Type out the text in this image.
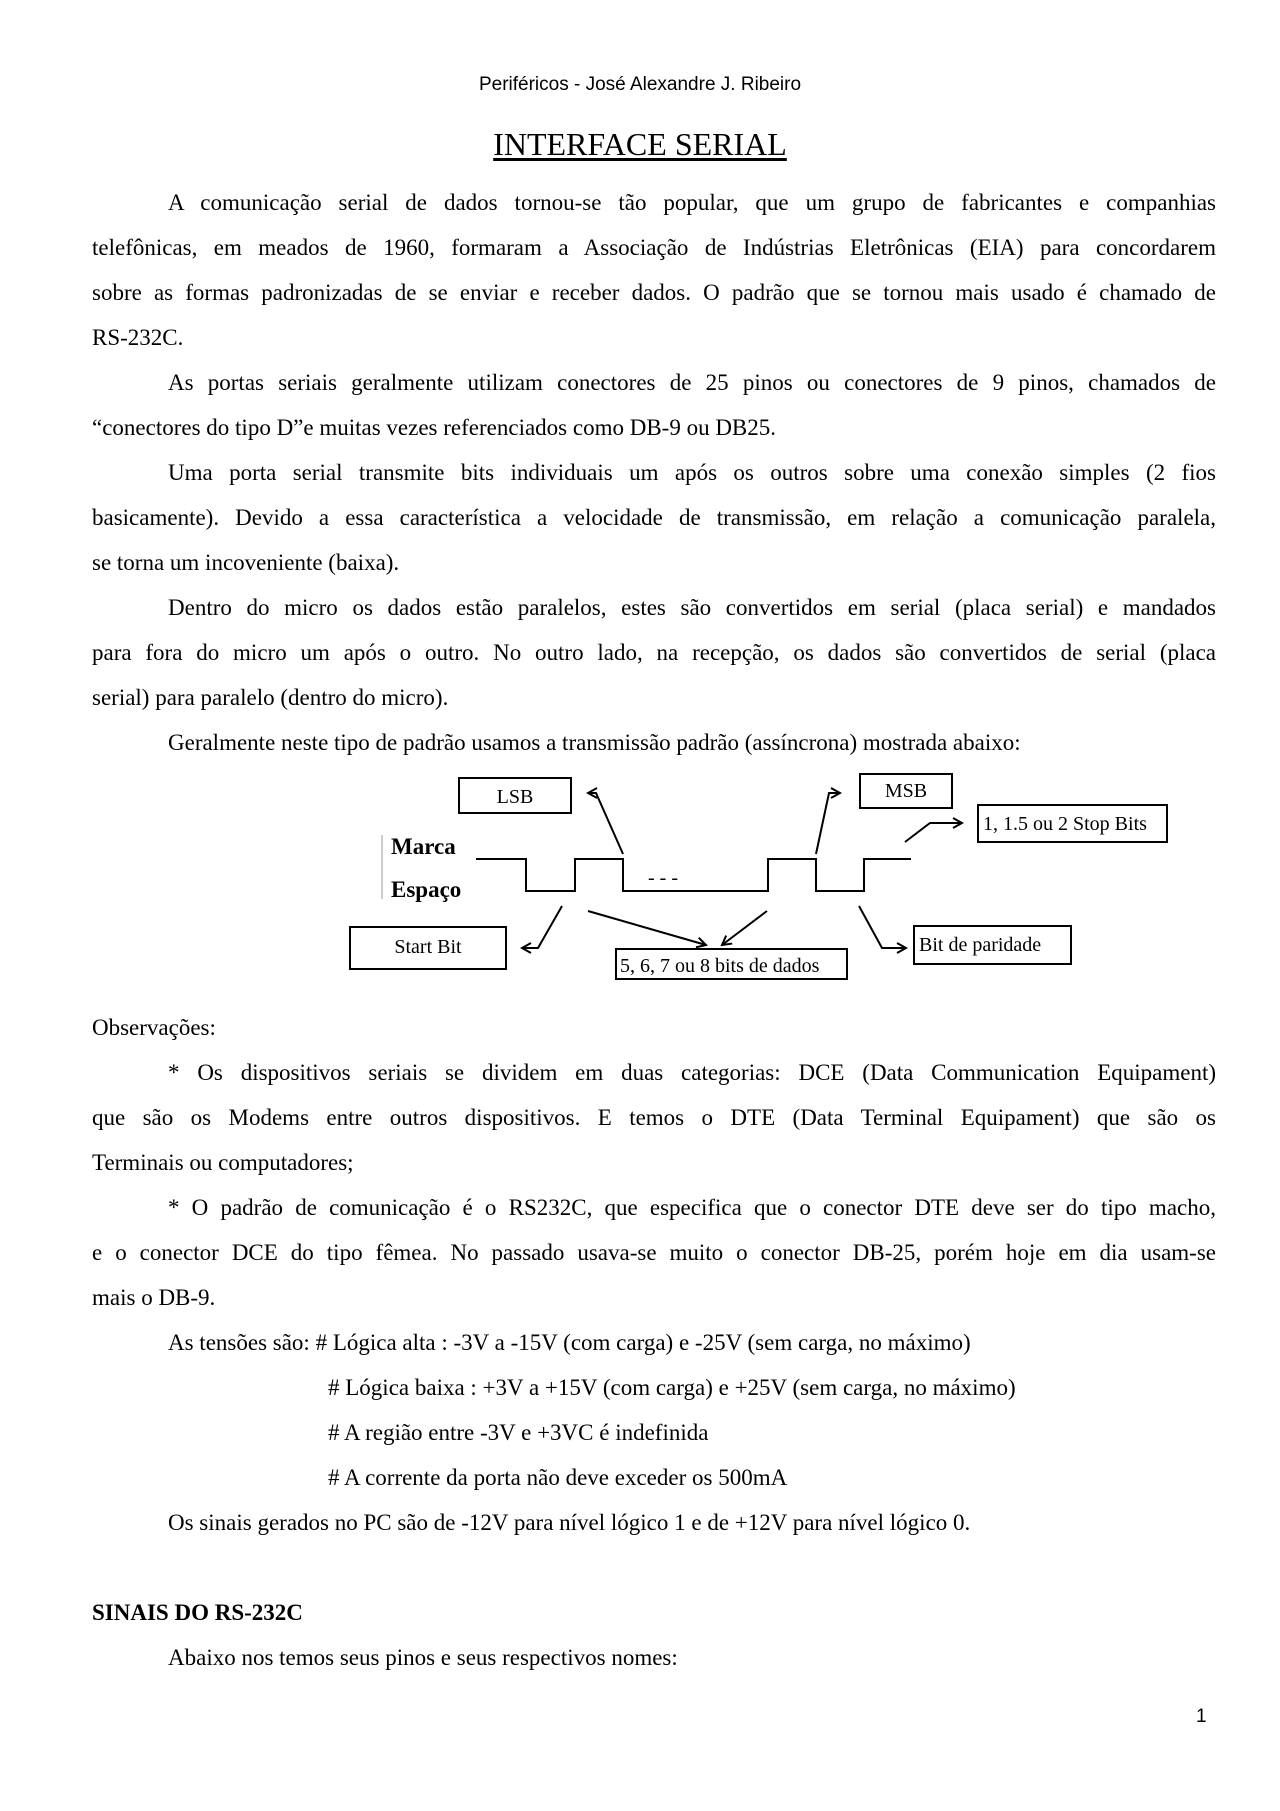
Periféricos - José Alexandre J. Ribeiro
INTERFACE SERIAL
A comunicação serial de dados tornou-se tão popular, que um grupo de fabricantes e companhias
telefônicas, em meados de 1960, formaram a Associação de Indústrias Eletrônicas (EIA) para concordarem
sobre as formas padronizadas de se enviar e receber dados. O padrão que se tornou mais usado é chamado de
RS-232C.
As portas seriais geralmente utilizam conectores de 25 pinos ou conectores de 9 pinos, chamados de
“conectores do tipo D”e muitas vezes referenciados como DB-9 ou DB25.
Uma porta serial transmite bits individuais um após os outros sobre uma conexão simples (2 fios
basicamente). Devido a essa característica a velocidade de transmissão, em relação a comunicação paralela,
se torna um incoveniente (baixa).
Dentro do micro os dados estão paralelos, estes são convertidos em serial (placa serial) e mandados
para fora do micro um após o outro. No outro lado, na recepção, os dados são convertidos de serial (placa
serial) para paralelo (dentro do micro).
Geralmente neste tipo de padrão usamos a transmissão padrão (assíncrona) mostrada abaixo:
LSB	MSB
1, 1.5 ou 2 Stop Bits
Start Bit
5, 6, 7 ou 8 bits de dados
Bit de paridade
Marca
Espaço	- - -
Observações:
* Os dispositivos seriais se dividem em duas categorias: DCE (Data Communication Equipament)
que são os Modems entre outros dispositivos. E temos o DTE (Data Terminal Equipament) que são os
Terminais ou computadores;
* O padrão de comunicação é o RS232C, que especifica que o conector DTE deve ser do tipo macho,
e o conector DCE do tipo fêmea. No passado usava-se muito o conector DB-25, porém hoje em dia usam-se
mais o DB-9.
As tensões são: # Lógica alta : -3V a -15V (com carga) e -25V (sem carga, no máximo)
# Lógica baixa : +3V a +15V (com carga) e +25V (sem carga, no máximo)
# A região entre -3V e +3VC é indefinida
# A corrente da porta não deve exceder os 500mA
Os sinais gerados no PC são de -12V para nível lógico 1 e de +12V para nível lógico 0.
SINAIS DO RS-232C
Abaixo nos temos seus pinos e seus respectivos nomes:
1
